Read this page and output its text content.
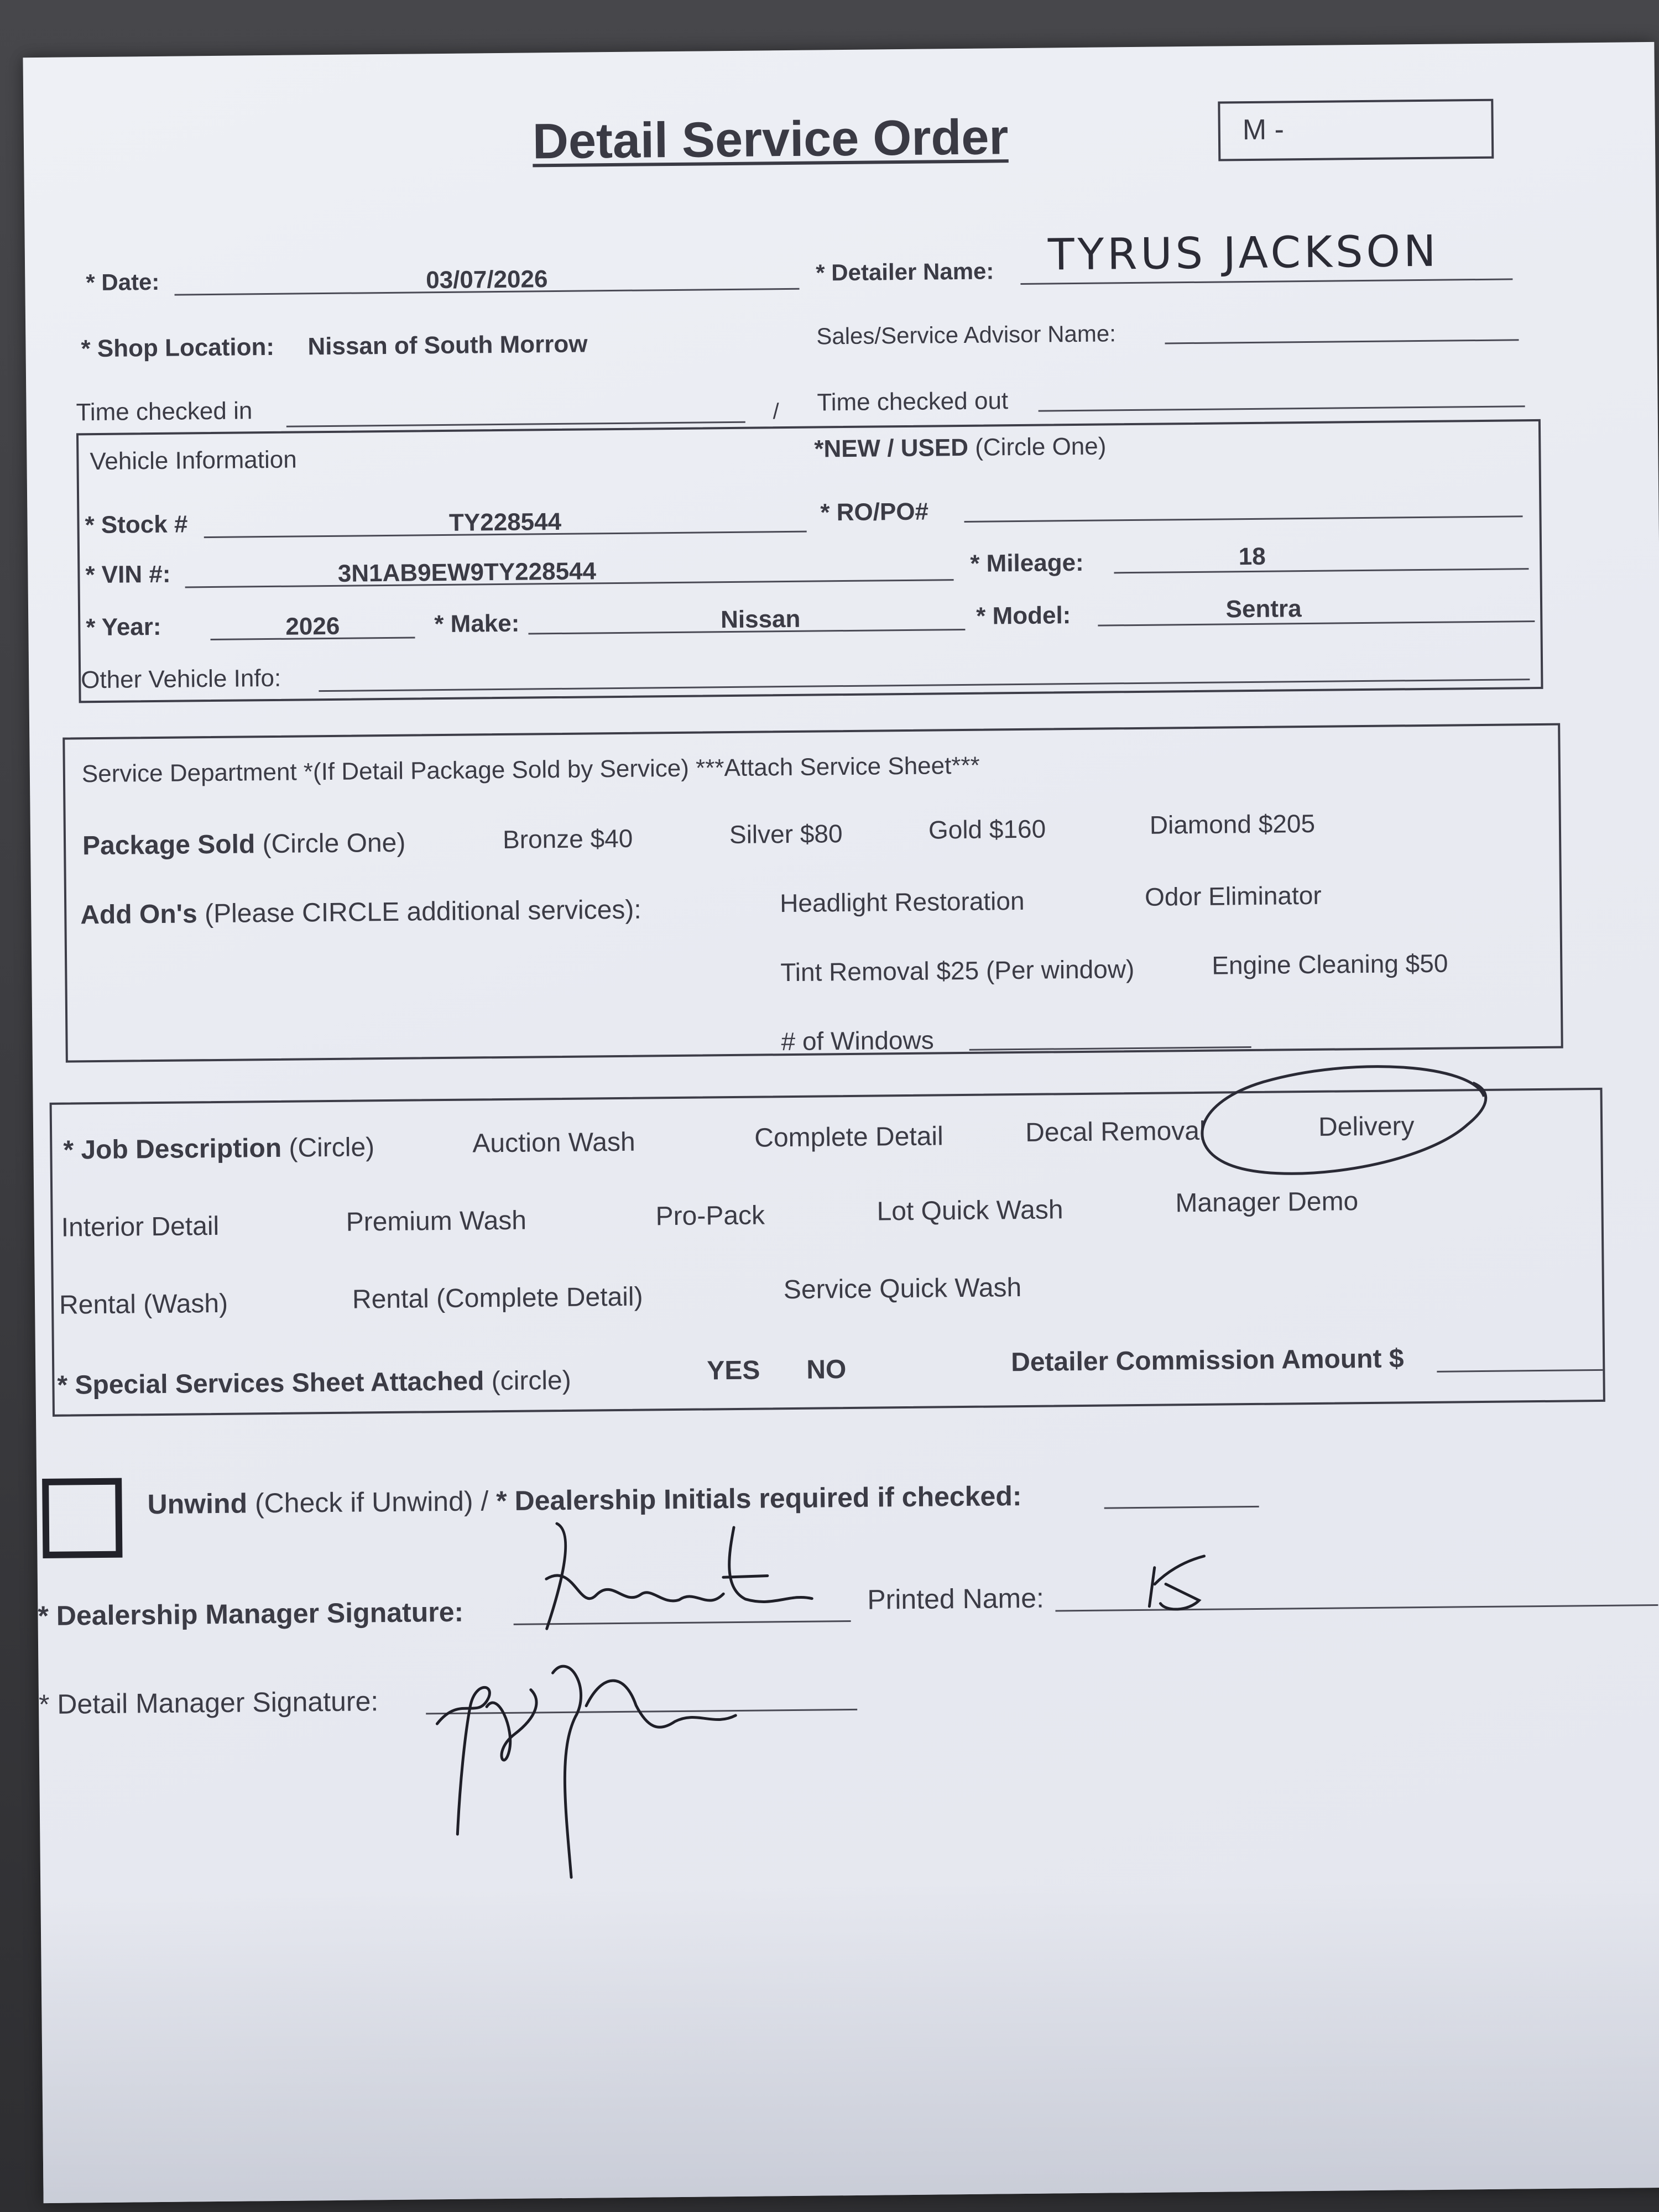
Detail Service Order	M -
* Date:	03/07/2026	* Detailer Name: TYRUS JACKSON
* Shop Location: Nissan of South Morrow	Sales/Service Advisor Name:
Time checked in	/ Time checked out
Vehicle Information	*NEW / USED (Circle One)
* Stock #	TY228544	* RO/PO#
* VIN #:	3N1AB9EW9TY228544	* Mileage:	18
* Year:	2026	* Make:	Nissan	* Model:	Sentra
Other Vehicle Info:
Service Department *(If Detail Package Sold by Service) ***Attach Service Sheet***
Package Sold (Circle One)	Bronze $40	Silver $80	Gold $160	Diamond $205
Add On's (Please CIRCLE additional services):	Headlight Restoration	Odor Eliminator
Tint Removal $25 (Per window)	Engine Cleaning $50
# of Windows
* Job Description (Circle)	Auction Wash	Complete Detail	Decal Removal	Delivery
Interior Detail	Premium Wash	Pro-Pack	Lot Quick Wash	Manager Demo
Rental (Wash)	Rental (Complete Detail)	Service Quick Wash
* Special Services Sheet Attached (circle)	YES NO	Detailer Commission Amount $
Unwind (Check if Unwind) / * Dealership Initials required if checked:
* Dealership Manager Signature:	Printed Name:
* Detail Manager Signature:
